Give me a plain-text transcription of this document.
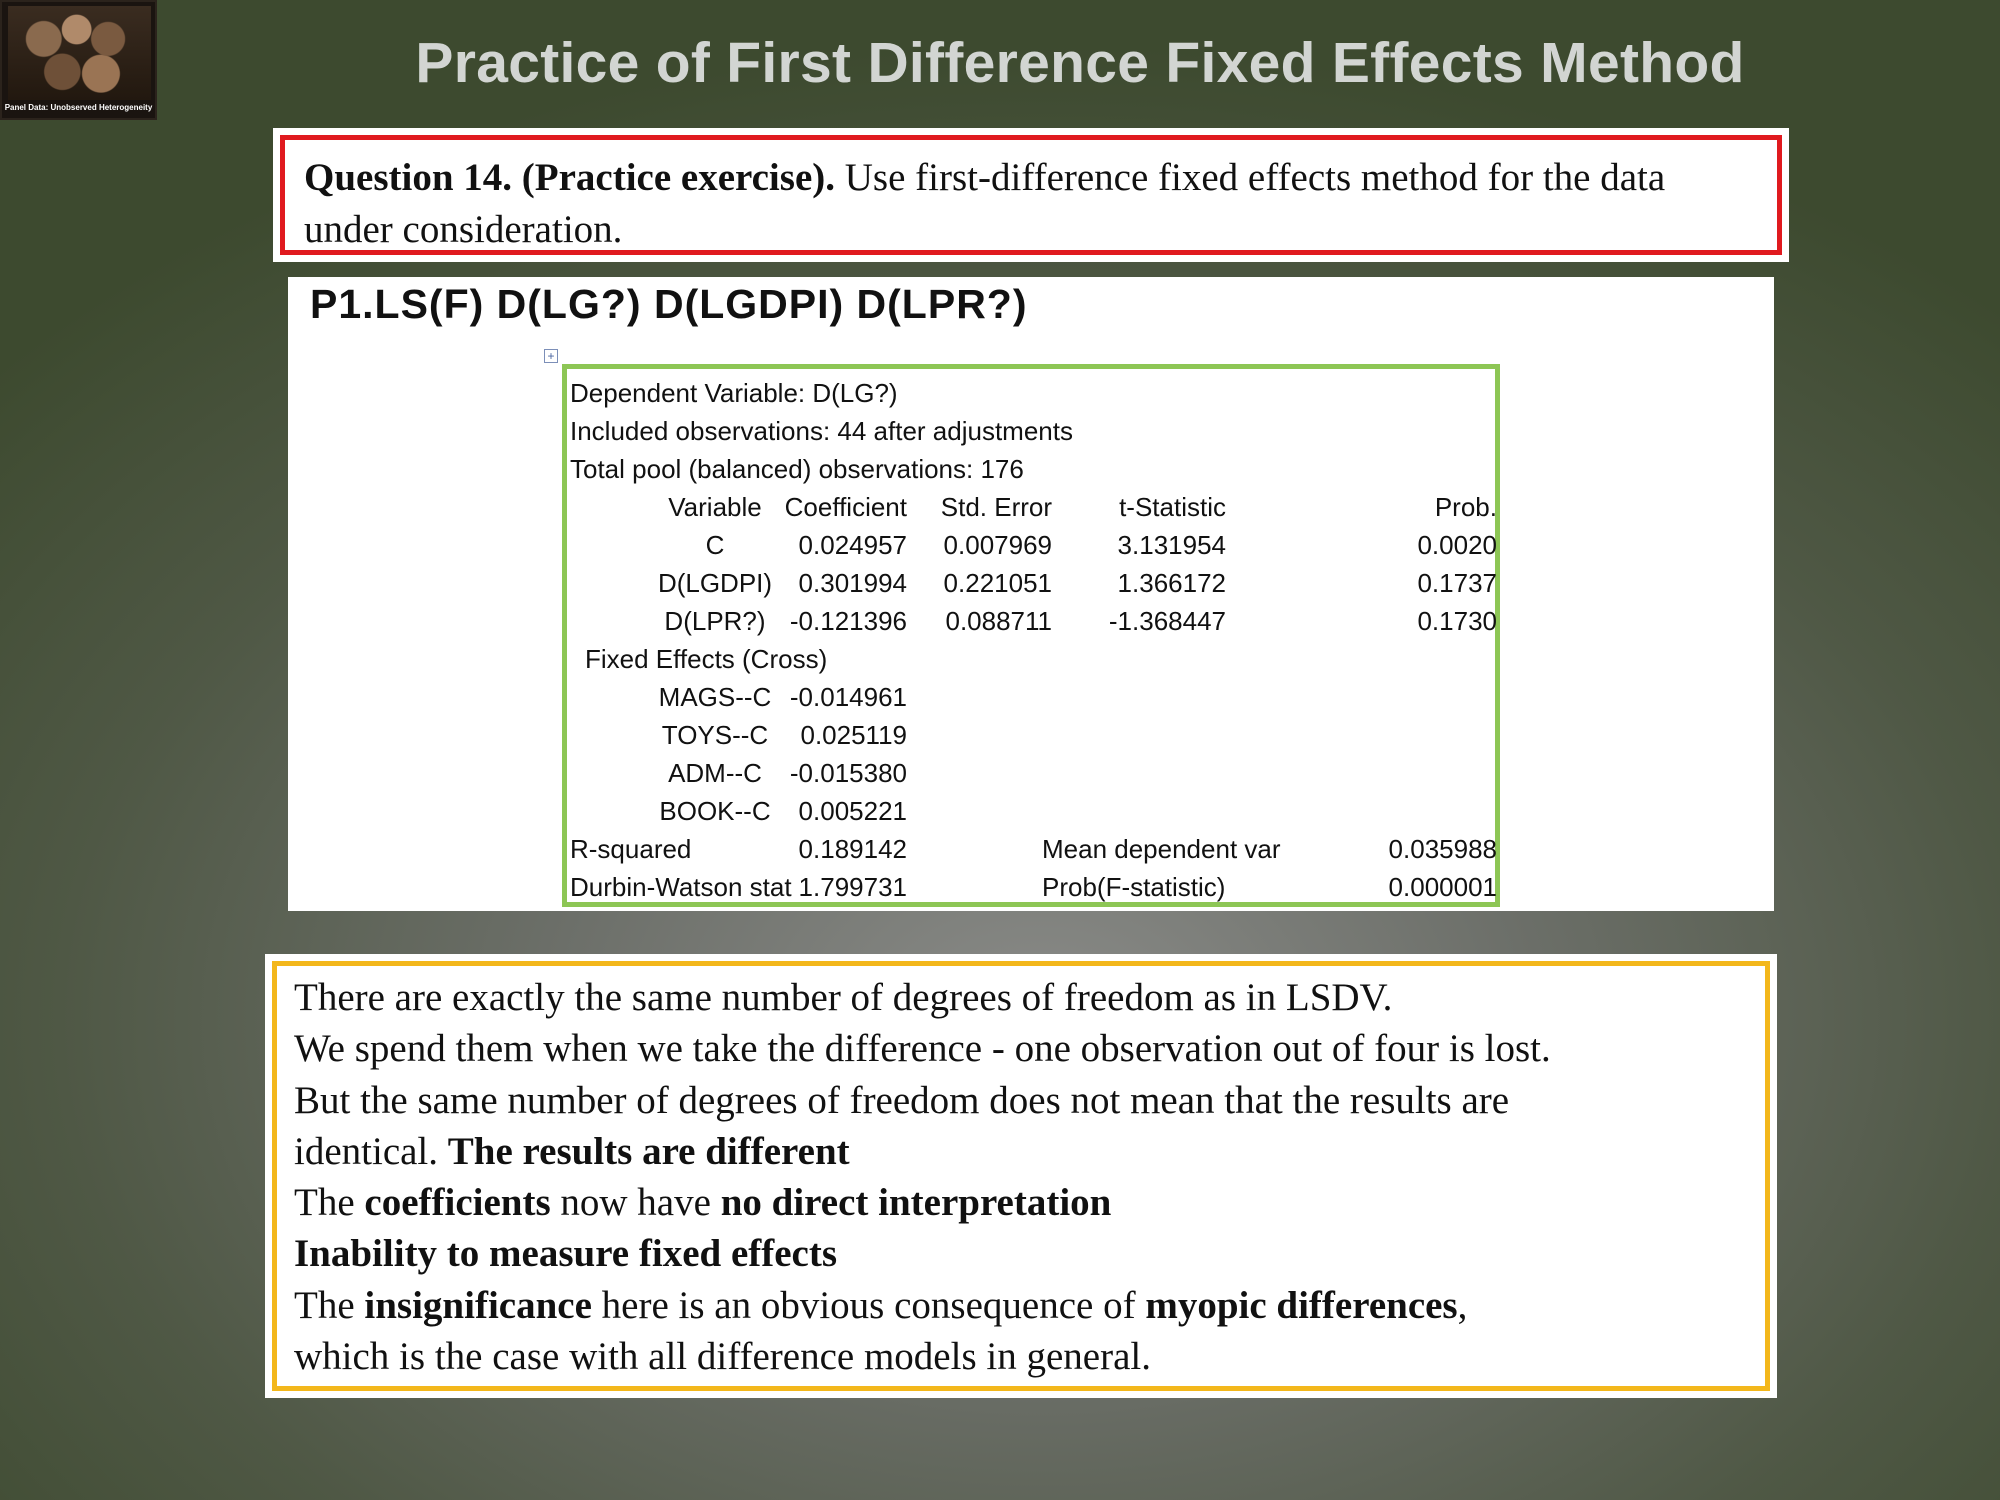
Panel Data: Unobserved Heterogeneity
Practice of First Difference Fixed Effects Method
Question 14. (Practice exercise). Use first-difference fixed effects method for the data under consideration.
P1.LS(F) D(LG?) D(LGDPI) D(LPR?)
+
Dependent Variable: D(LG?)
Included observations: 44 after adjustments
Total pool (balanced) observations: 176
Variable Coefficient	Std. Error	t-Statistic	Prob.
C	0.024957	0.007969	3.131954	0.0020
D(LGDPI)	0.301994	0.221051	1.366172	0.1737
D(LPR?) -0.121396	0.088711	-1.368447	0.1730
Fixed Effects (Cross)
MAGS--C -0.014961
TOYS--C	0.025119
ADM--C	-0.015380
BOOK--C	0.005221
R-squared	0.189142	Mean dependent var	0.035988
Durbin-Watson stat 1.799731	Prob(F-statistic)	0.000001
There are exactly the same number of degrees of freedom as in LSDV.
We spend them when we take the difference - one observation out of four is lost.
But the same number of degrees of freedom does not mean that the results are
identical. The results are different
The coefficients now have no direct interpretation
Inability to measure fixed effects
The insignificance here is an obvious consequence of myopic differences,
which is the case with all difference models in general.
